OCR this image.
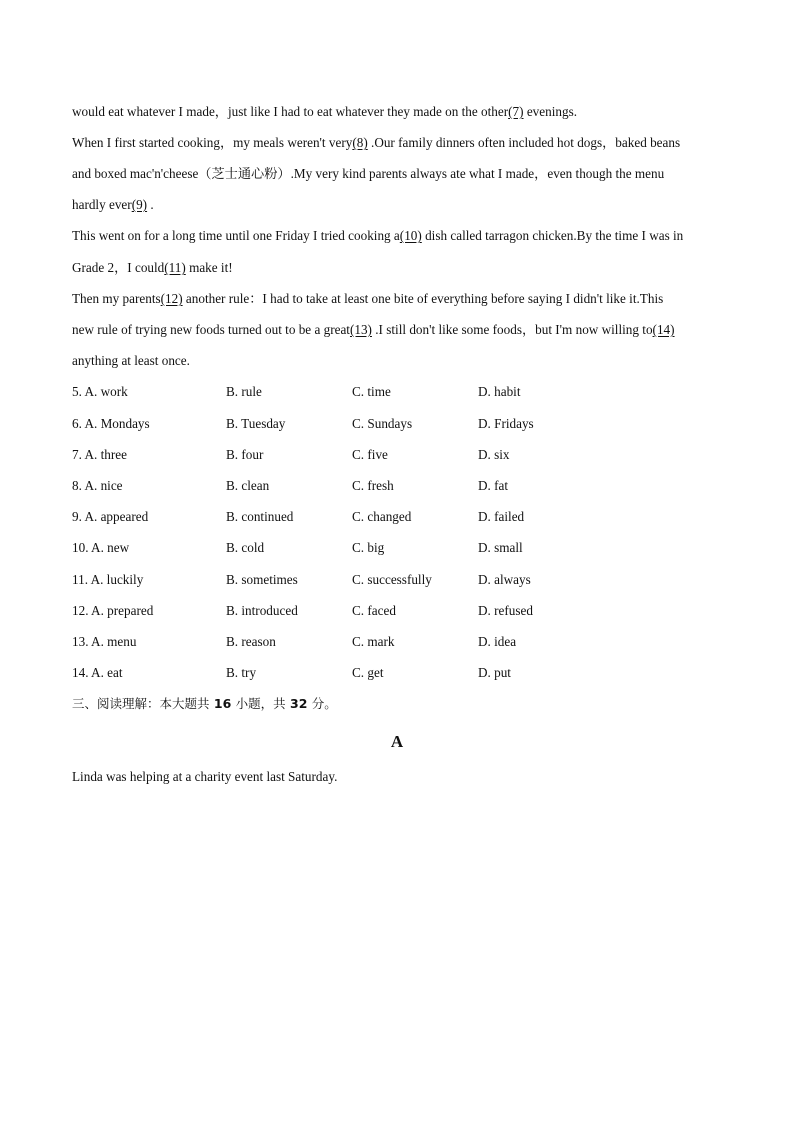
would eat whatever I made，just like I had to eat whatever they made on the other(7) evenings.
When I first started cooking，my meals weren't very(8) .Our family dinners often included hot dogs，baked beans
and boxed mac'n'cheese（芝士通心粉）.My very kind parents always ate what I made，even though the menu
hardly ever(9) .
This went on for a long time until one Friday I tried cooking a(10) dish called tarragon chicken.By the time I was in
Grade 2，I could(11) make it!
Then my parents(12) another rule：I had to take at least one bite of everything before saying I didn't like it.This
new rule of trying new foods turned out to be a great(13) .I still don't like some foods，but I'm now willing to(14)
anything at least once.
5. A. work	B. rule	C. time	D. habit
6. A. Mondays	B. Tuesday	C. Sundays	D. Fridays
7. A. three	B. four	C. five	D. six
8. A. nice	B. clean	C. fresh	D. fat
9. A. appeared	B. continued	C. changed	D. failed
10. A. new	B. cold	C. big	D. small
11. A. luckily	B. sometimes	C. successfully	D. always
12. A. prepared	B. introduced	C. faced	D. refused
13. A. menu	B. reason	C. mark	D. idea
14. A. eat	B. try	C. get	D. put
三、阅读理解：本大题共 16 小题，共 32 分。
A
Linda was helping at a charity event last Saturday.
